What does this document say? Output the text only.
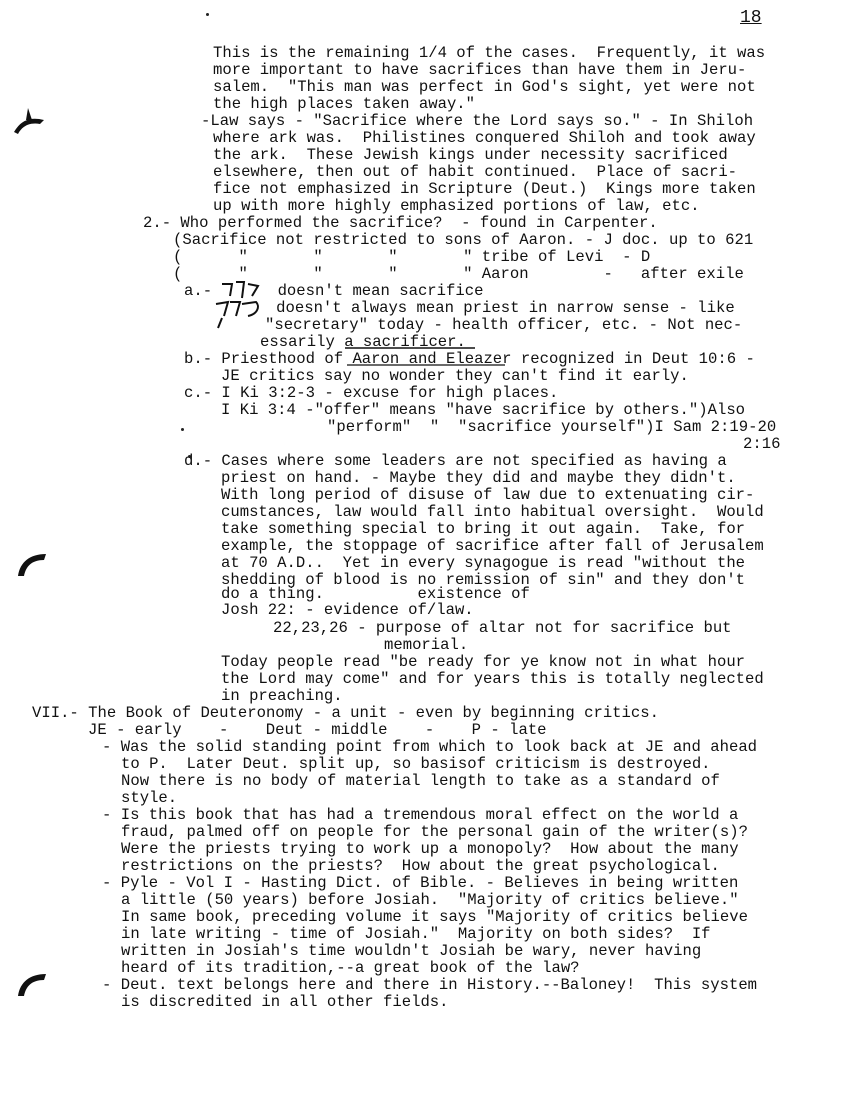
18
This is the remaining 1/4 of the cases.  Frequently, it was
more important to have sacrifices than have them in Jeru-
salem.  "This man was perfect in God's sight, yet were not
the high places taken away."
-Law says - "Sacrifice where the Lord says so." - In Shiloh
where ark was.  Philistines conquered Shiloh and took away
the ark.  These Jewish kings under necessity sacrificed
elsewhere, then out of habit continued.  Place of sacri-
fice not emphasized in Scripture (Deut.)  Kings more taken
up with more highly emphasized portions of law, etc.
2.- Who performed the sacrifice?  - found in Carpenter.
(Sacrifice not restricted to sons of Aaron. - J doc. up to 621
(      "       "       "       " tribe of Levi  - D
(      "       "       "       " Aaron        -   after exile
a.-       doesn't mean sacrifice
doesn't always mean priest in narrow sense - like
"secretary" today - health officer, etc. - Not nec-
essarily a sacrificer.
b.- Priesthood of Aaron and Eleazer recognized in Deut 10:6 -
JE critics say no wonder they can't find it early.
c.- I Ki 3:2-3 - excuse for high places.
I Ki 3:4 -"offer" means "have sacrifice by others.")Also
"perform"  "  "sacrifice yourself")I Sam 2:19-20
2:16
d.- Cases where some leaders are not specified as having a
priest on hand. - Maybe they did and maybe they didn't.
With long period of disuse of law due to extenuating cir-
cumstances, law would fall into habitual oversight.  Would
take something special to bring it out again.  Take, for
example, the stoppage of sacrifice after fall of Jerusalem
at 70 A.D..  Yet in every synagogue is read "without the
shedding of blood is no remission of sin" and they don't
do a thing.          existence of
Josh 22: - evidence of/law.
22,23,26 - purpose of altar not for sacrifice but
memorial.
Today people read "be ready for ye know not in what hour
the Lord may come" and for years this is totally neglected
in preaching.
VII.- The Book of Deuteronomy - a unit - even by beginning critics.
JE - early    -    Deut - middle    -    P - late
- Was the solid standing point from which to look back at JE and ahead
to P.  Later Deut. split up, so basisof criticism is destroyed.
Now there is no body of material length to take as a standard of
style.
- Is this book that has had a tremendous moral effect on the world a
fraud, palmed off on people for the personal gain of the writer(s)?
Were the priests trying to work up a monopoly?  How about the many
restrictions on the priests?  How about the great psychological.
- Pyle - Vol I - Hasting Dict. of Bible. - Believes in being written
a little (50 years) before Josiah.  "Majority of critics believe."
In same book, preceding volume it says "Majority of critics believe
in late writing - time of Josiah."  Majority on both sides?  If
written in Josiah's time wouldn't Josiah be wary, never having
heard of its tradition,--a great book of the law?
- Deut. text belongs here and there in History.--Baloney!  This system
is discredited in all other fields.
